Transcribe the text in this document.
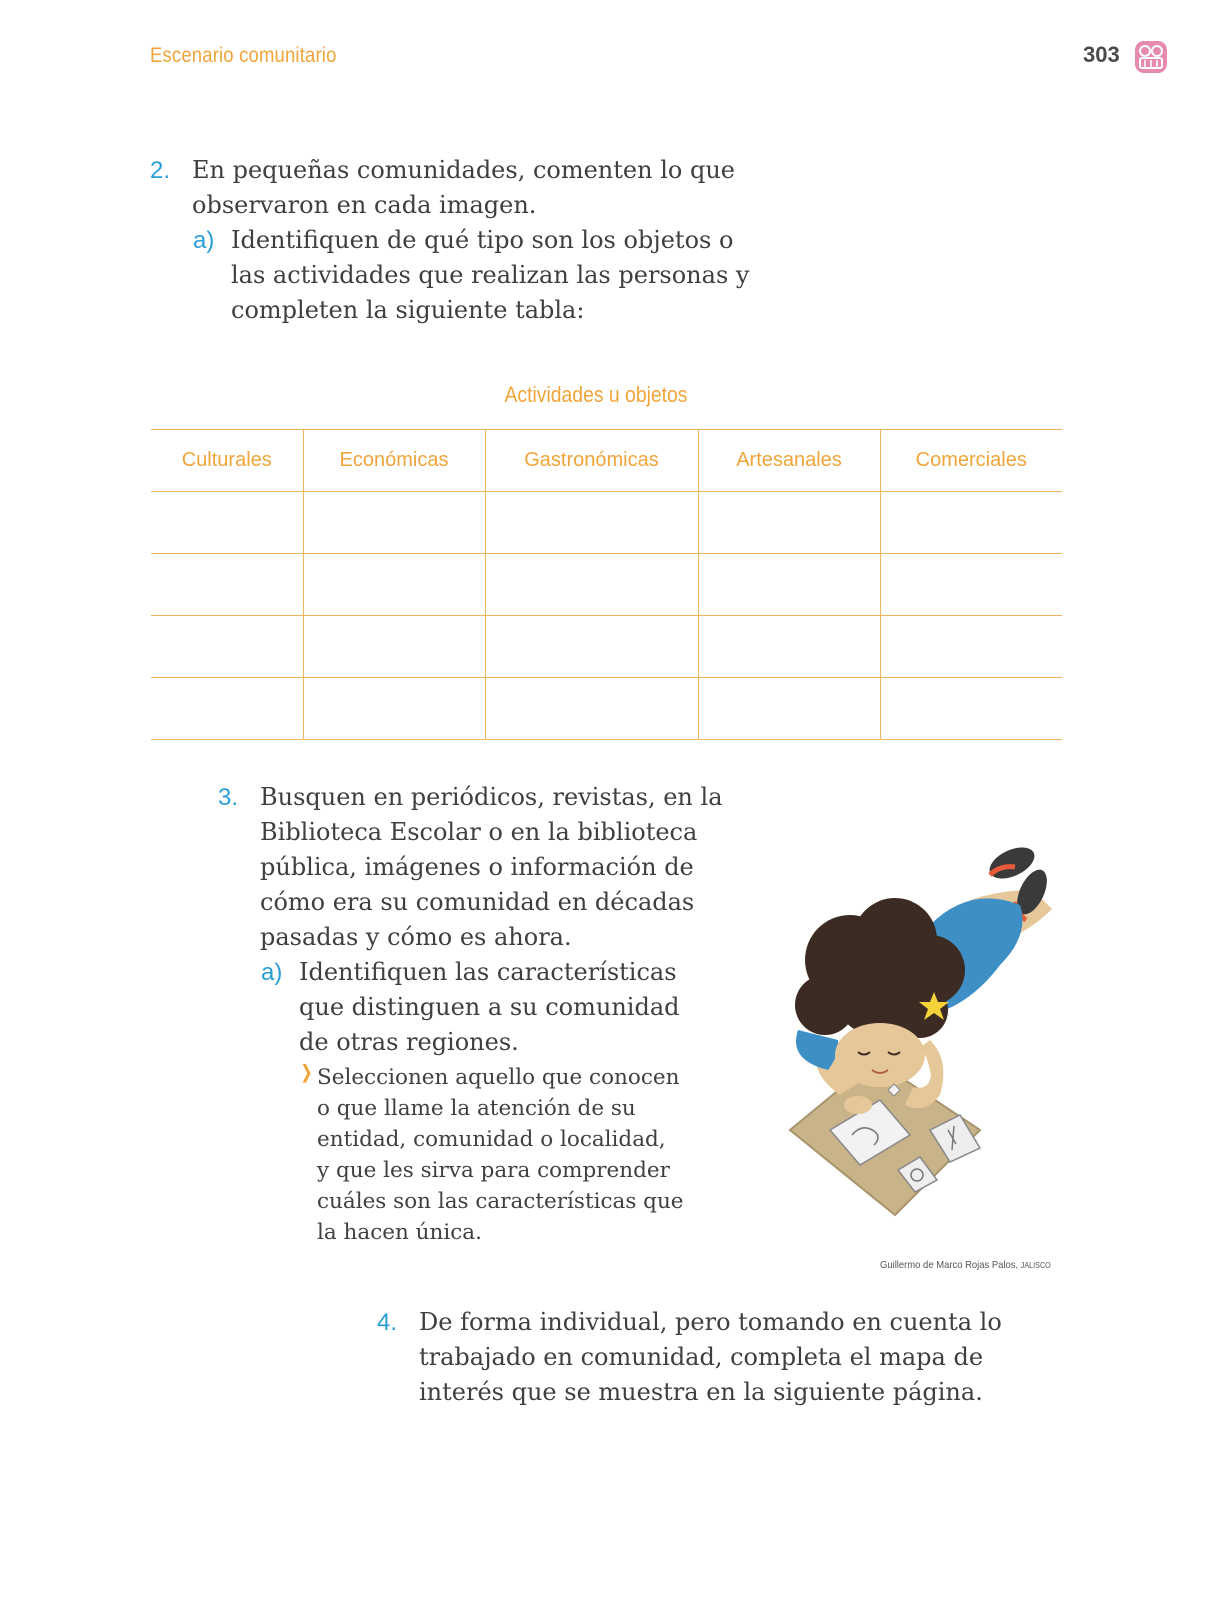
Escenario comunitario	303
2. En pequeñas comunidades, comenten lo que

observaron en cada imagen.

a) Identifiquen de qué tipo son los objetos o

las actividades que realizan las personas y

completen la siguiente tabla:

Actividades u objetos
Culturales	Económicas	Gastronómicas	Artesanales	Comerciales

3. Busquen en periódicos, revistas, en la

Biblioteca Escolar o en la biblioteca

pública, imágenes o información de

cómo era su comunidad en décadas

pasadas y cómo es ahora.

a) Identifiquen las características

que distinguen a su comunidad

de otras regiones.

❭ Seleccionen aquello que conocen

o que llame la atención de su

entidad, comunidad o localidad,

y que les sirva para comprender

cuáles son las características que

la hacen única.

Guillermo de Marco Rojas Palos, JALISCO
4. De forma individual, pero tomando en cuenta lo

trabajado en comunidad, completa el mapa de

interés que se muestra en la siguiente página.
